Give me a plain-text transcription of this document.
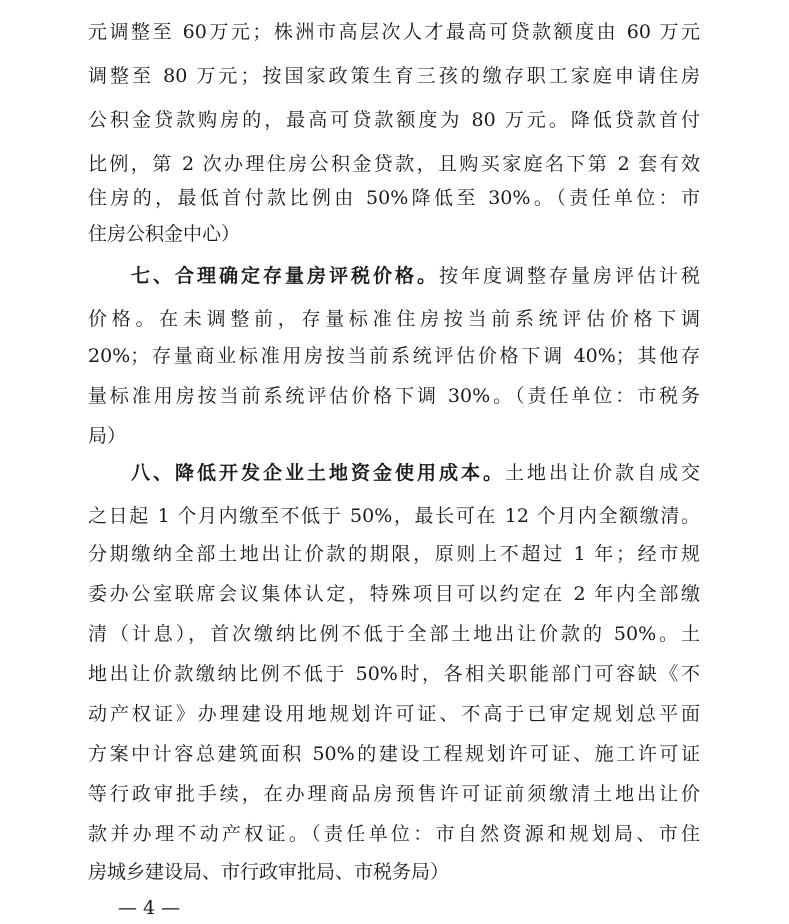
元调整至 60万元；株洲市高层次人才最高可贷款额度由 60 万元
调整至 80 万元；按国家政策生育三孩的缴存职工家庭申请住房
公积金贷款购房的，最高可贷款额度为 80 万元。降低贷款首付
比例，第 2 次办理住房公积金贷款，且购买家庭名下第 2 套有效
住房的，最低首付款比例由 50%降低至 30%。（责任单位：市
住房公积金中心）
七、合理确定存量房评税价格。按年度调整存量房评估计税
价格。在未调整前，存量标准住房按当前系统评估价格下调
20%；存量商业标准用房按当前系统评估价格下调 40%；其他存
量标准用房按当前系统评估价格下调 30%。（责任单位：市税务
局）
八、降低开发企业土地资金使用成本。土地出让价款自成交
之日起 1 个月内缴至不低于 50%，最长可在 12 个月内全额缴清。
分期缴纳全部土地出让价款的期限，原则上不超过 1 年；经市规
委办公室联席会议集体认定，特殊项目可以约定在 2 年内全部缴
清（计息），首次缴纳比例不低于全部土地出让价款的 50%。土
地出让价款缴纳比例不低于 50%时，各相关职能部门可容缺《不
动产权证》办理建设用地规划许可证、不高于已审定规划总平面
方案中计容总建筑面积 50%的建设工程规划许可证、施工许可证
等行政审批手续，在办理商品房预售许可证前须缴清土地出让价
款并办理不动产权证。（责任单位：市自然资源和规划局、市住
房城乡建设局、市行政审批局、市税务局）
— 4 —
